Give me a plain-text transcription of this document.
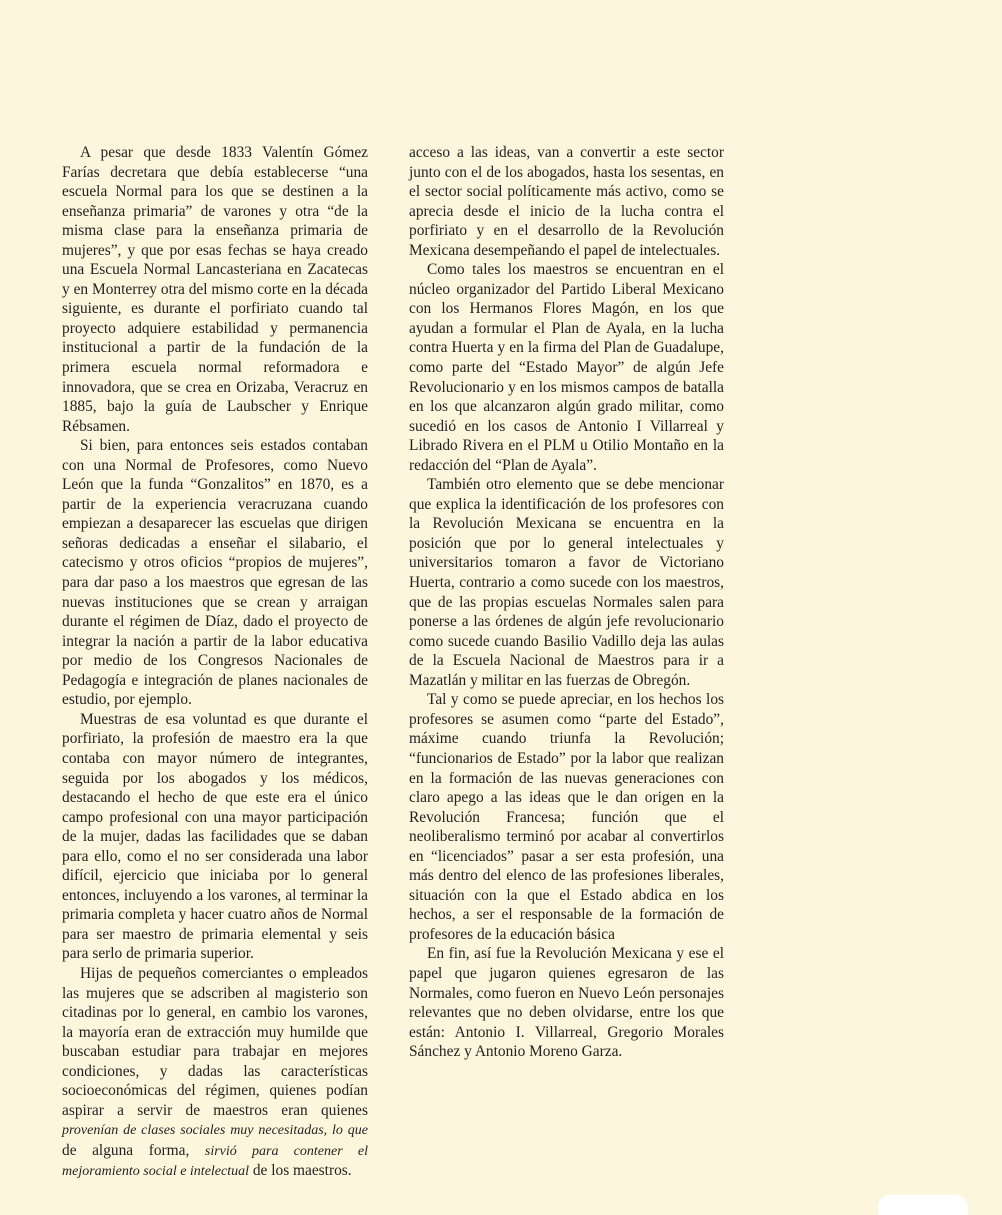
A pesar que desde 1833 Valentín Gómez Farías decretara que debía establecerse “una escuela Normal para los que se destinen a la enseñanza primaria” de varones y otra “de la misma clase para la enseñanza primaria de mujeres”, y que por esas fechas se haya creado una Escuela Normal Lancasteriana en Zacatecas y en Monterrey otra del mismo corte en la década siguiente, es durante el porfiriato cuando tal proyecto adquiere estabilidad y permanencia institucional a partir de la fundación de la primera escuela normal reformadora e innovadora, que se crea en Orizaba, Veracruz en 1885, bajo la guía de Laubscher y Enrique Rébsamen.

Si bien, para entonces seis estados contaban con una Normal de Profesores, como Nuevo León que la funda “Gonzalitos” en 1870, es a partir de la experiencia veracruzana cuando empiezan a desaparecer las escuelas que dirigen señoras dedicadas a enseñar el silabario, el catecismo y otros oficios “propios de mujeres”, para dar paso a los maestros que egresan de las nuevas instituciones que se crean y arraigan durante el régimen de Díaz, dado el proyecto de integrar la nación a partir de la labor educativa por medio de los Congresos Nacionales de Pedagogía e integración de planes nacionales de estudio, por ejemplo.

Muestras de esa voluntad es que durante el porfiriato, la profesión de maestro era la que contaba con mayor número de integrantes, seguida por los abogados y los médicos, destacando el hecho de que este era el único campo profesional con una mayor participación de la mujer, dadas las facilidades que se daban para ello, como el no ser considerada una labor difícil, ejercicio que iniciaba por lo general entonces, incluyendo a los varones, al terminar la primaria completa y hacer cuatro años de Normal para ser maestro de primaria elemental y seis para serlo de primaria superior.

Hijas de pequeños comerciantes o empleados las mujeres que se adscriben al magisterio son citadinas por lo general, en cambio los varones, la mayoría eran de extracción muy humilde que buscaban estudiar para trabajar en mejores condiciones, y dadas las características socioeconómicas del régimen, quienes podían aspirar a servir de maestros eran quienes provenían de clases sociales muy necesitadas, lo que de alguna forma, sirvió para contener el mejoramiento social e intelectual de los maestros.

acceso a las ideas, van a convertir a este sector junto con el de los abogados, hasta los sesentas, en el sector social políticamente más activo, como se aprecia desde el inicio de la lucha contra el porfiriato y en el desarrollo de la Revolución Mexicana desempeñando el papel de intelectuales.

Como tales los maestros se encuentran en el núcleo organizador del Partido Liberal Mexicano con los Hermanos Flores Magón, en los que ayudan a formular el Plan de Ayala, en la lucha contra Huerta y en la firma del Plan de Guadalupe, como parte del “Estado Mayor” de algún Jefe Revolucionario y en los mismos campos de batalla en los que alcanzaron algún grado militar, como sucedió en los casos de Antonio I Villarreal y Librado Rivera en el PLM u Otilio Montaño en la redacción del “Plan de Ayala”.

También otro elemento que se debe mencionar que explica la identificación de los profesores con la Revolución Mexicana se encuentra en la posición que por lo general intelectuales y universitarios tomaron a favor de Victoriano Huerta, contrario a como sucede con los maestros, que de las propias escuelas Normales salen para ponerse a las órdenes de algún jefe revolucionario como sucede cuando Basilio Vadillo deja las aulas de la Escuela Nacional de Maestros para ir a Mazatlán y militar en las fuerzas de Obregón.

Tal y como se puede apreciar, en los hechos los profesores se asumen como “parte del Estado”, máxime cuando triunfa la Revolución; “funcionarios de Estado” por la labor que realizan en la formación de las nuevas generaciones con claro apego a las ideas que le dan origen en la Revolución Francesa; función que el neoliberalismo terminó por acabar al convertirlos en “licenciados” pasar a ser esta profesión, una más dentro del elenco de las profesiones liberales, situación con la que el Estado abdica en los hechos, a ser el responsable de la formación de profesores de la educación básica

En fin, así fue la Revolución Mexicana y ese el papel que jugaron quienes egresaron de las Normales, como fueron en Nuevo León personajes relevantes que no deben olvidarse, entre los que están: Antonio I. Villarreal, Gregorio Morales Sánchez y Antonio Moreno Garza.
